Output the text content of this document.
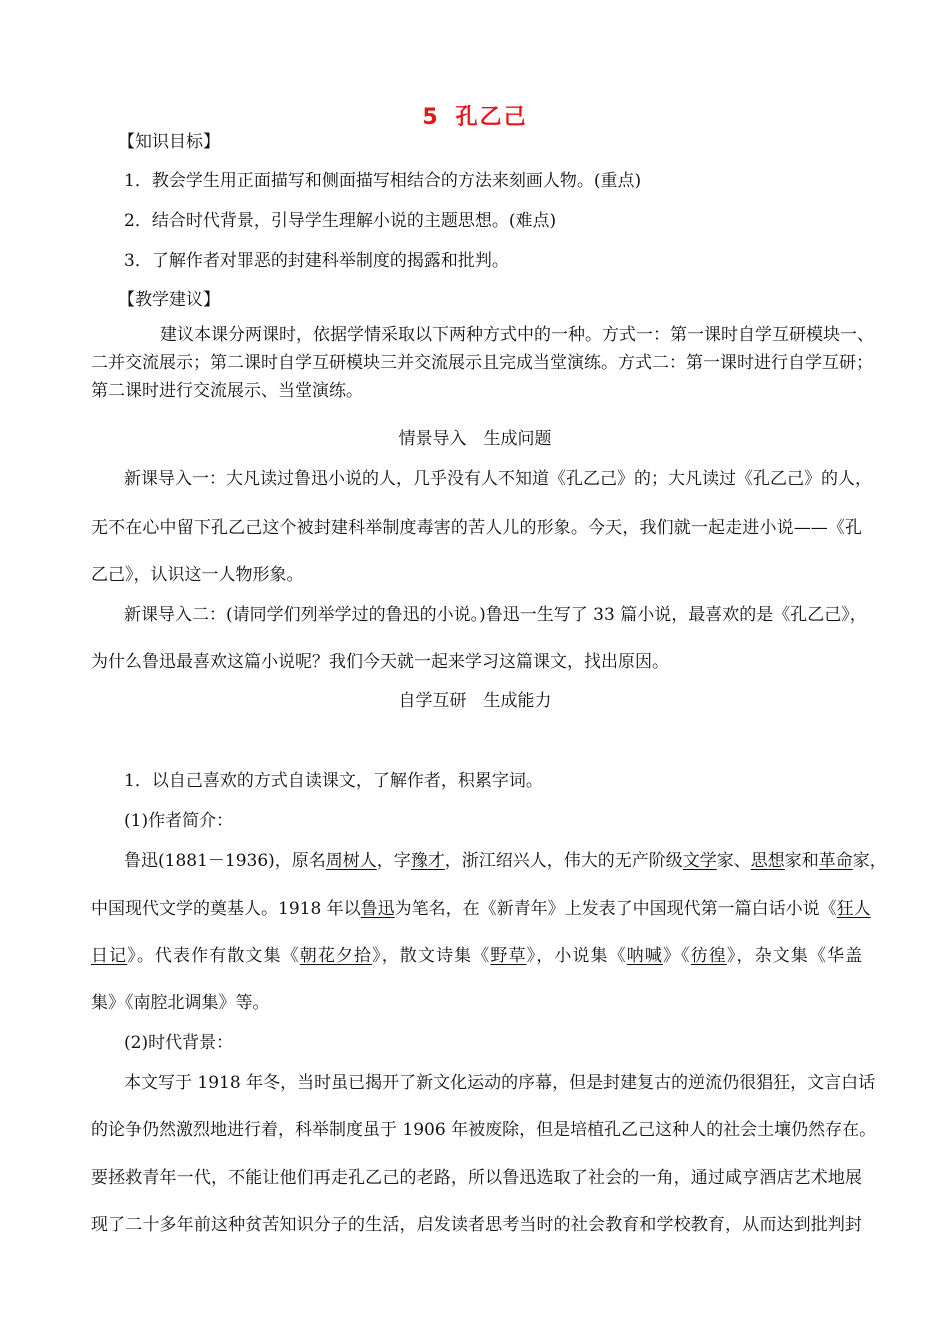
5 孔乙己
【知识目标】
1．教会学生用正面描写和侧面描写相结合的方法来刻画人物。(重点)
2．结合时代背景，引导学生理解小说的主题思想。(难点)
3．了解作者对罪恶的封建科举制度的揭露和批判。
【教学建议】
建议本课分两课时，依据学情采取以下两种方式中的一种。方式一：第一课时自学互研模块一、
二并交流展示；第二课时自学互研模块三并交流展示且完成当堂演练。方式二：第一课时进行自学互研；
第二课时进行交流展示、当堂演练。
情景导入　生成问题
新课导入一：大凡读过鲁迅小说的人，几乎没有人不知道《孔乙己》的；大凡读过《孔乙己》的人，
无不在心中留下孔乙己这个被封建科举制度毒害的苦人儿的形象。今天，我们就一起走进小说——《孔
乙己》，认识这一人物形象。
新课导入二：(请同学们列举学过的鲁迅的小说。)鲁迅一生写了 33 篇小说，最喜欢的是《孔乙己》，
为什么鲁迅最喜欢这篇小说呢？我们今天就一起来学习这篇课文，找出原因。
自学互研　生成能力
1．以自己喜欢的方式自读课文，了解作者，积累字词。
(1)作者简介：
鲁迅(1881－1936)，原名周树人，字豫才，浙江绍兴人，伟大的无产阶级文学家、思想家和革命家，
中国现代文学的奠基人。1918 年以鲁迅为笔名，在《新青年》上发表了中国现代第一篇白话小说《狂人
日记》。代表作有散文集《朝花夕拾》，散文诗集《野草》，小说集《呐喊》《彷徨》，杂文集《华盖
集》《南腔北调集》等。
(2)时代背景：
本文写于 1918 年冬，当时虽已揭开了新文化运动的序幕，但是封建复古的逆流仍很猖狂，文言白话
的论争仍然激烈地进行着，科举制度虽于 1906 年被废除，但是培植孔乙己这种人的社会土壤仍然存在。
要拯救青年一代，不能让他们再走孔乙己的老路，所以鲁迅选取了社会的一角，通过咸亨酒店艺术地展
现了二十多年前这种贫苦知识分子的生活，启发读者思考当时的社会教育和学校教育，从而达到批判封
